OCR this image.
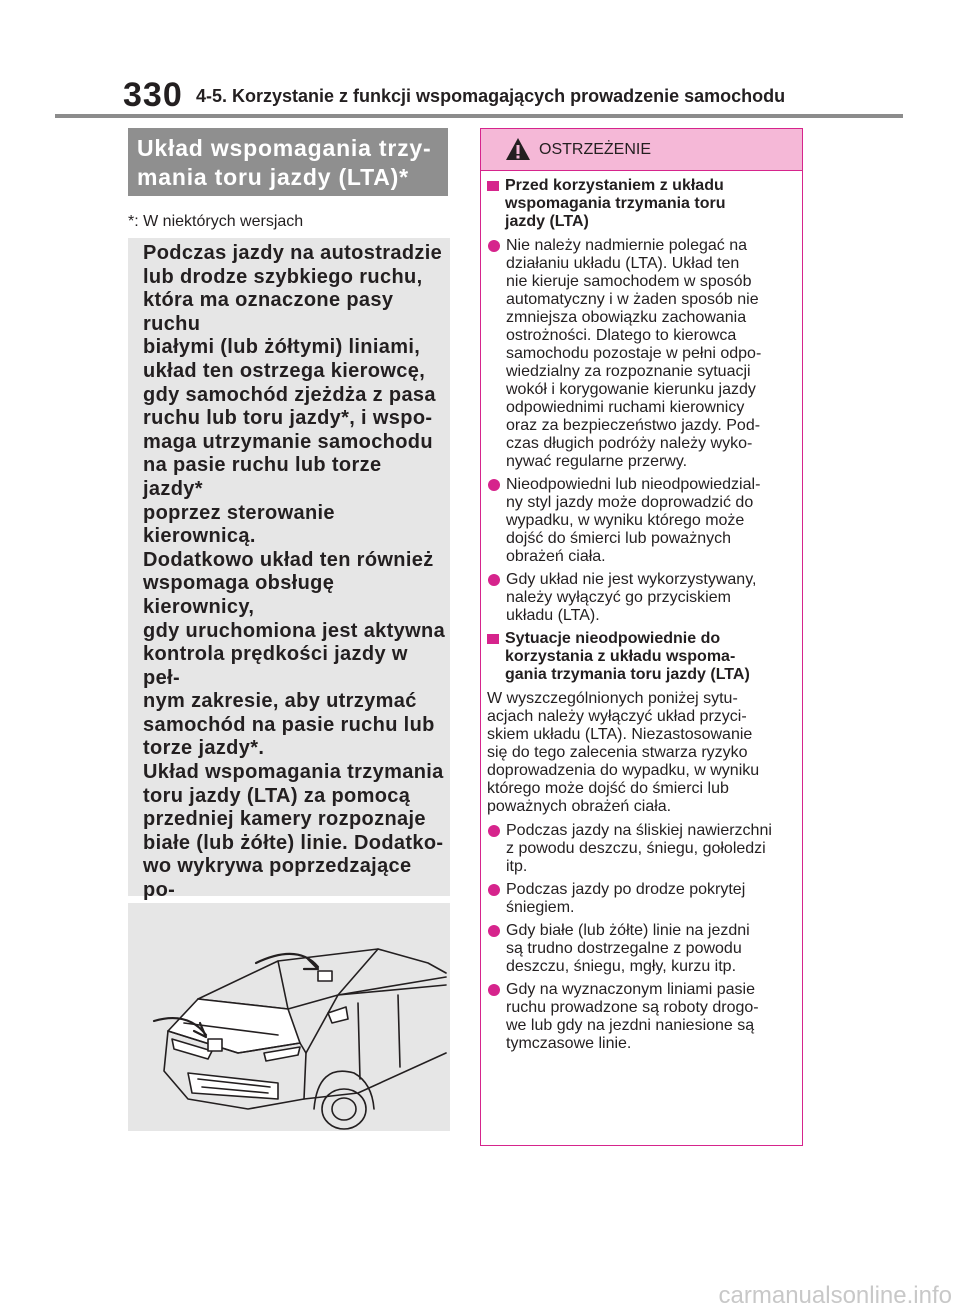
330 4-5. Korzystanie z funkcji wspomagających prowadzenie samochodu
Układ wspomagania trzy-
mania toru jazdy (LTA)*
*: W niektórych wersjach
Podczas jazdy na autostradzie
lub drodze szybkiego ruchu,
która ma oznaczone pasy ruchu
białymi (lub żółtymi) liniami,
układ ten ostrzega kierowcę,
gdy samochód zjeżdża z pasa
ruchu lub toru jazdy*, i wspo-
maga utrzymanie samochodu
na pasie ruchu lub torze jazdy*
poprzez sterowanie kierownicą.
Dodatkowo układ ten również
wspomaga obsługę kierownicy,
gdy uruchomiona jest aktywna
kontrola prędkości jazdy w peł-
nym zakresie, aby utrzymać
samochód na pasie ruchu lub
torze jazdy*.
Układ wspomagania trzymania
toru jazdy (LTA) za pomocą
przedniej kamery rozpoznaje
białe (lub żółte) linie. Dodatko-
wo wykrywa poprzedzające po-

OSTRZEŻENIE
Przed korzystaniem z układu
wspomagania trzymania toru
jazdy (LTA)
Nie należy nadmiernie polegać na
działaniu układu (LTA). Układ ten
nie kieruje samochodem w sposób
automatyczny i w żaden sposób nie
zmniejsza obowiązku zachowania
ostrożności. Dlatego to kierowca
samochodu pozostaje w pełni odpo-
wiedzialny za rozpoznanie sytuacji
wokół i korygowanie kierunku jazdy
odpowiednimi ruchami kierownicy
oraz za bezpieczeństwo jazdy. Pod-
czas długich podróży należy wyko-
nywać regularne przerwy.
Nieodpowiedni lub nieodpowiedzial-
ny styl jazdy może doprowadzić do
wypadku, w wyniku którego może
dojść do śmierci lub poważnych
obrażeń ciała.
Gdy układ nie jest wykorzystywany,
należy wyłączyć go przyciskiem
układu (LTA).
Sytuacje nieodpowiednie do
korzystania z układu wspoma-
gania trzymania toru jazdy (LTA)
W wyszczególnionych poniżej sytu-
acjach należy wyłączyć układ przyci-
skiem układu (LTA). Niezastosowanie
się do tego zalecenia stwarza ryzyko
doprowadzenia do wypadku, w wyniku
którego może dojść do śmierci lub
poważnych obrażeń ciała.
Podczas jazdy na śliskiej nawierzchni
z powodu deszczu, śniegu, gołoledzi
itp.
Podczas jazdy po drodze pokrytej
śniegiem.
Gdy białe (lub żółte) linie na jezdni
są trudno dostrzegalne z powodu
deszczu, śniegu, mgły, kurzu itp.
Gdy na wyznaczonym liniami pasie
ruchu prowadzone są roboty drogo-
we lub gdy na jezdni naniesione są
tymczasowe linie.
carmanualsonline.info
